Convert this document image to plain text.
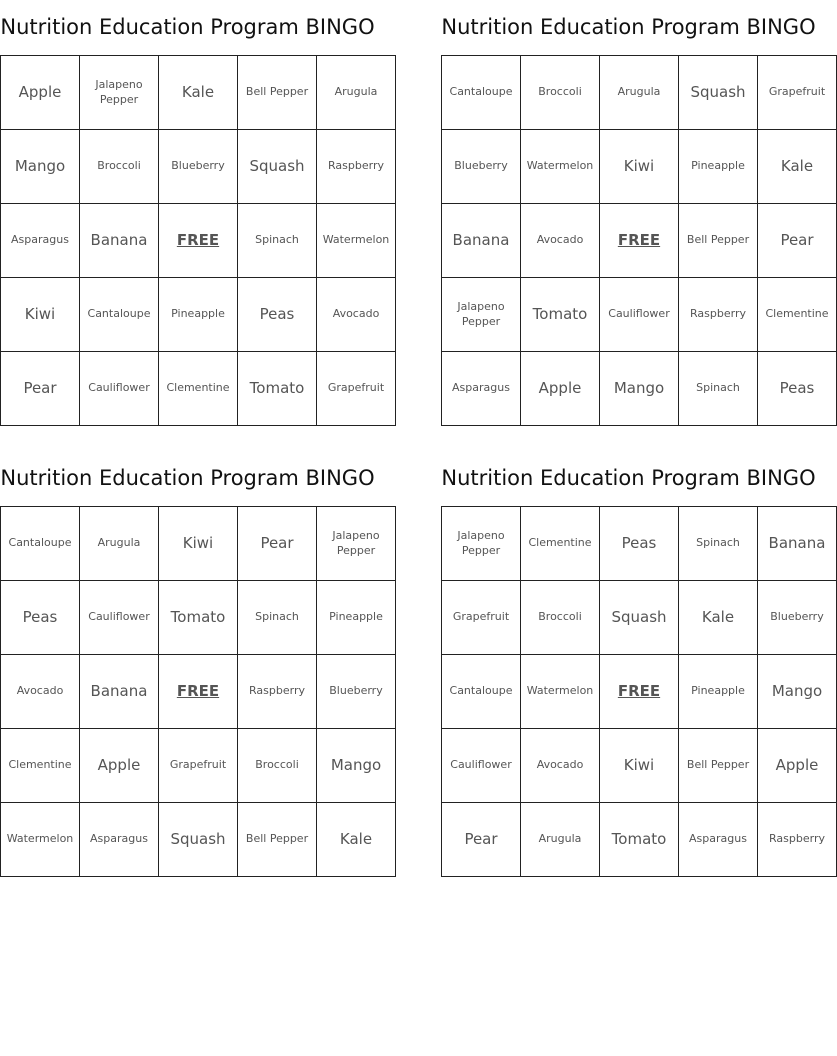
Nutrition Education Program BINGO
Apple	Jalapeno Pepper	Kale	Bell Pepper	Arugula
Mango	Broccoli	Blueberry	Squash	Raspberry
Asparagus	Banana	FREE	Spinach	Watermelon
Kiwi	Cantaloupe	Pineapple	Peas	Avocado
Pear	Cauliflower	Clementine	Tomato	Grapefruit
Nutrition Education Program BINGO
Cantaloupe	Broccoli	Arugula	Squash	Grapefruit
Blueberry	Watermelon	Kiwi	Pineapple	Kale
Banana	Avocado	FREE	Bell Pepper	Pear
Jalapeno Pepper	Tomato	Cauliflower	Raspberry	Clementine
Asparagus	Apple	Mango	Spinach	Peas
Nutrition Education Program BINGO
Cantaloupe	Arugula	Kiwi	Pear	Jalapeno Pepper
Peas	Cauliflower	Tomato	Spinach	Pineapple
Avocado	Banana	FREE	Raspberry	Blueberry
Clementine	Apple	Grapefruit	Broccoli	Mango
Watermelon	Asparagus	Squash	Bell Pepper	Kale
Nutrition Education Program BINGO
Jalapeno Pepper	Clementine	Peas	Spinach	Banana
Grapefruit	Broccoli	Squash	Kale	Blueberry
Cantaloupe	Watermelon	FREE	Pineapple	Mango
Cauliflower	Avocado	Kiwi	Bell Pepper	Apple
Pear	Arugula	Tomato	Asparagus	Raspberry
